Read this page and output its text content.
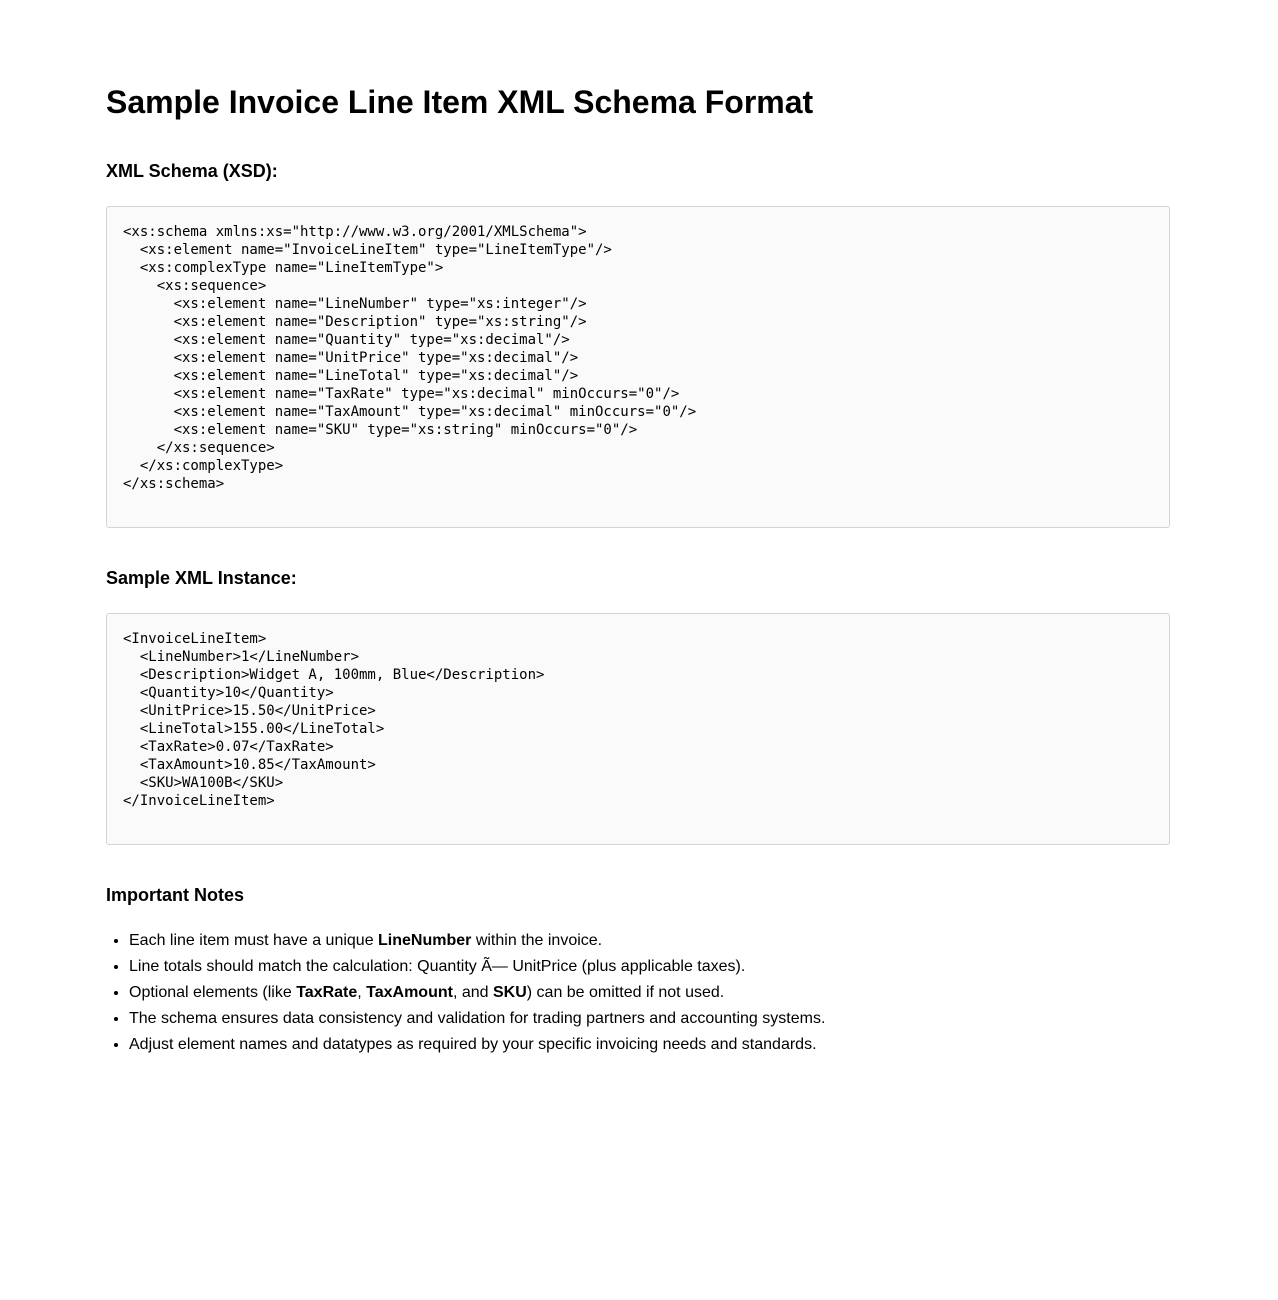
Sample Invoice Line Item XML Schema Format
XML Schema (XSD):
<xs:schema xmlns:xs="http://www.w3.org/2001/XMLSchema">
<xs:element name="InvoiceLineItem" type="LineItemType"/>
<xs:complexType name="LineItemType">
<xs:sequence>
<xs:element name="LineNumber" type="xs:integer"/>
<xs:element name="Description" type="xs:string"/>
<xs:element name="Quantity" type="xs:decimal"/>
<xs:element name="UnitPrice" type="xs:decimal"/>
<xs:element name="LineTotal" type="xs:decimal"/>
<xs:element name="TaxRate" type="xs:decimal" minOccurs="0"/>
<xs:element name="TaxAmount" type="xs:decimal" minOccurs="0"/>
<xs:element name="SKU" type="xs:string" minOccurs="0"/>
</xs:sequence>
</xs:complexType>
</xs:schema>
Sample XML Instance:
<InvoiceLineItem>
<LineNumber>1</LineNumber>
<Description>Widget A, 100mm, Blue</Description>
<Quantity>10</Quantity>
<UnitPrice>15.50</UnitPrice>
<LineTotal>155.00</LineTotal>
<TaxRate>0.07</TaxRate>
<TaxAmount>10.85</TaxAmount>
<SKU>WA100B</SKU>
</InvoiceLineItem>
Important Notes
• Each line item must have a unique LineNumber within the invoice.
• Line totals should match the calculation: Quantity Ã— UnitPrice (plus applicable taxes).
• Optional elements (like TaxRate, TaxAmount, and SKU) can be omitted if not used.
• The schema ensures data consistency and validation for trading partners and accounting systems.
• Adjust element names and datatypes as required by your specific invoicing needs and standards.
